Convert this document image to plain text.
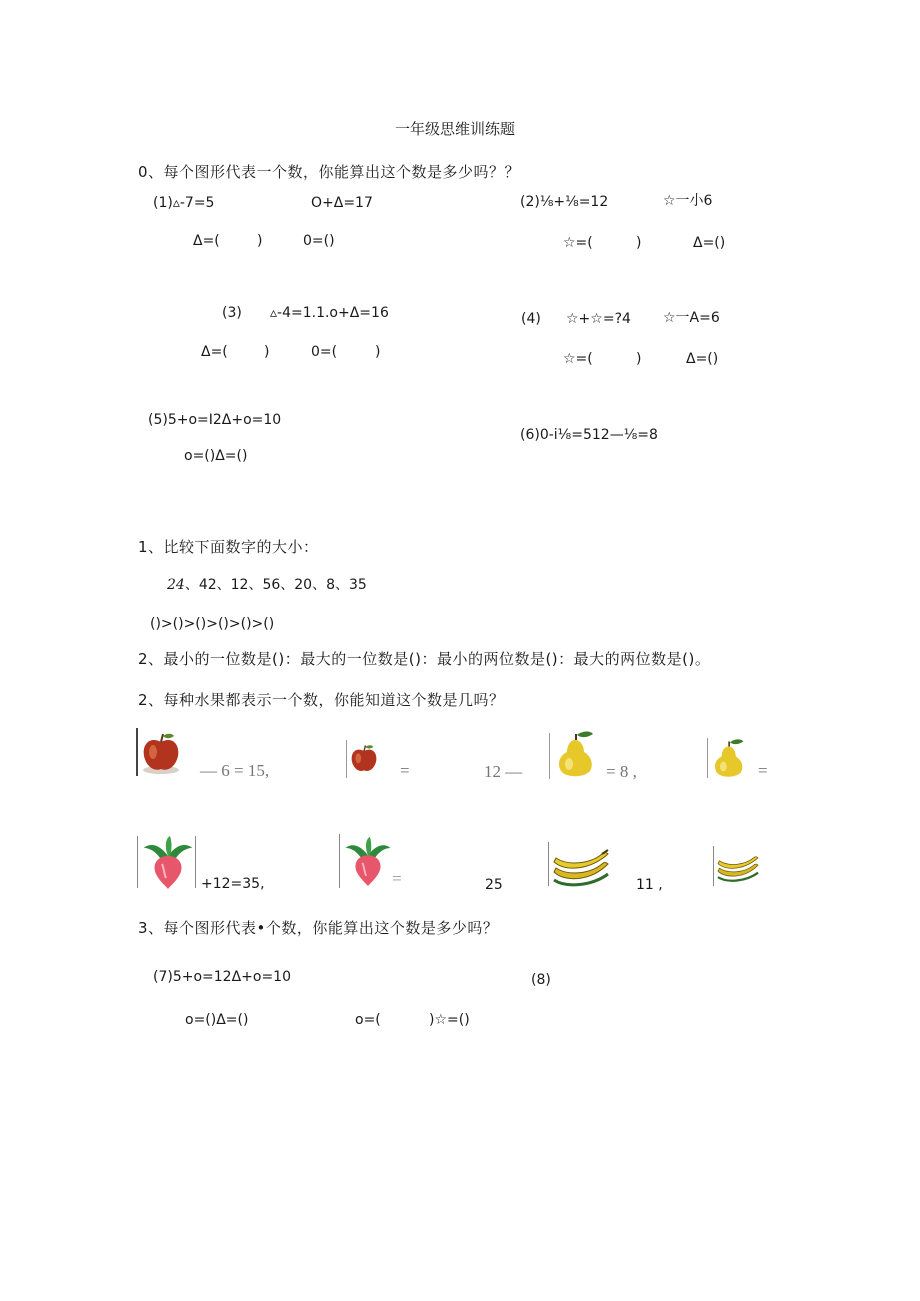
一年级思维训练题
0、每个图形代表一个数，你能算出这个数是多少吗？？
(1)▵-7=5	O+Δ=17
Δ=(	)	0=()
(2)⅛+⅛=12	☆一小6
☆=(	)	Δ=()
(3) ▵-4=1.1.o+Δ=16
Δ=(	)	0=(	)
(4) ☆+☆=?4 ☆一A=6
☆=(	)	Δ=()
(5)5+o=I2Δ+o=10
o=()Δ=()
(6)0-i⅛=512—⅛=8
1、比较下面数字的大小：
24、42、12、56、20、8、35
()>()>()>()>()>()
2、最小的一位数是()：最大的一位数是()：最小的两位数是()：最大的两位数是()。
2、每种水果都表示一个数，你能知道这个数是几吗？
— 6 = 15,	=	12 —	= 8 ,	=
+12=35,	=	25	11 ,
3、每个图形代表•个数，你能算出这个数是多少吗？
(7)5+o=12Δ+o=10
o=()Δ=()
(8)
o=(	)☆=()
